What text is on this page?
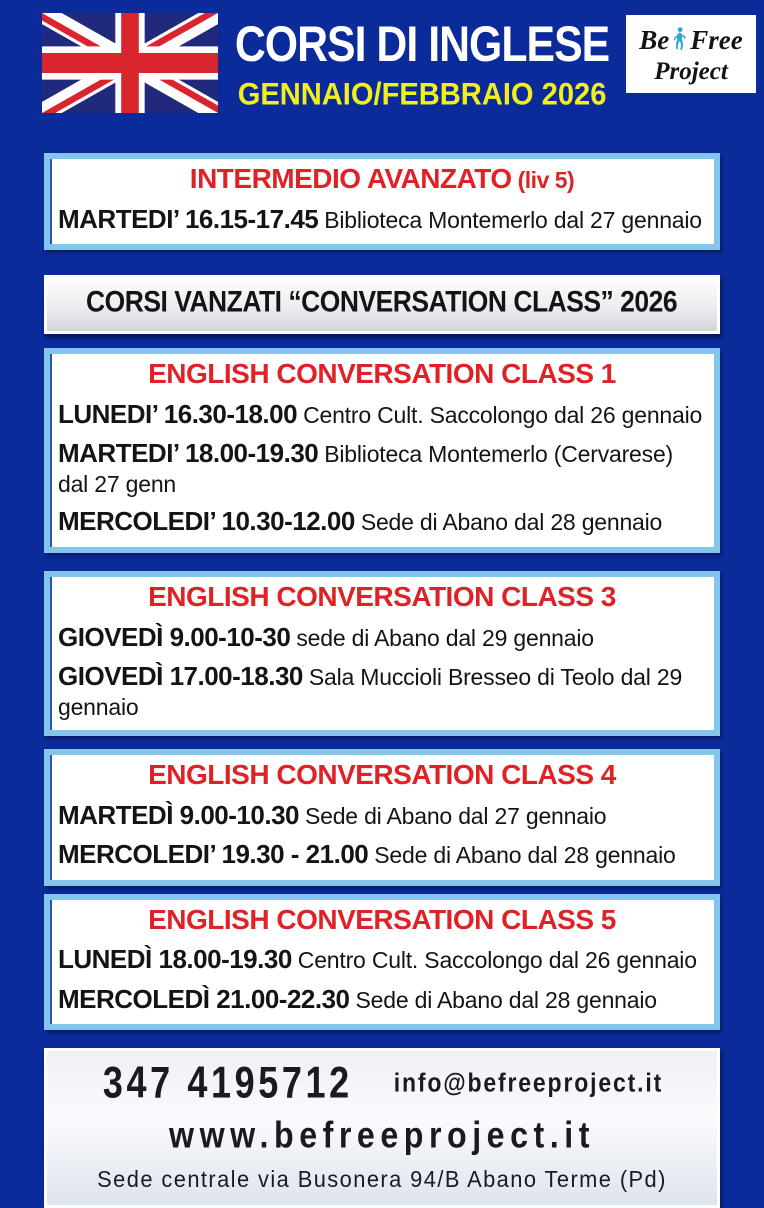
CORSI DI INGLESE
GENNAIO/FEBBRAIO 2026
Be Free
Project
INTERMEDIO AVANZATO (liv 5)
MARTEDI’ 16.15-17.45 Biblioteca Montemerlo dal 27 gennaio
CORSI VANZATI “CONVERSATION CLASS” 2026
ENGLISH CONVERSATION CLASS 1
LUNEDI’ 16.30-18.00 Centro Cult. Saccolongo dal 26 gennaio
MARTEDI’ 18.00-19.30 Biblioteca Montemerlo (Cervarese) dal 27 genn
MERCOLEDI’ 10.30-12.00 Sede di Abano dal 28 gennaio
ENGLISH CONVERSATION CLASS 3
GIOVEDÌ 9.00-10-30 sede di Abano dal 29 gennaio
GIOVEDÌ 17.00-18.30 Sala Muccioli Bresseo di Teolo dal 29 gennaio
ENGLISH CONVERSATION CLASS 4
MARTEDÌ 9.00-10.30 Sede di Abano dal 27 gennaio
MERCOLEDI’ 19.30 - 21.00 Sede di Abano dal 28 gennaio
ENGLISH CONVERSATION CLASS 5
LUNEDÌ 18.00-19.30 Centro Cult. Saccolongo dal 26 gennaio
MERCOLEDÌ 21.00-22.30 Sede di Abano dal 28 gennaio
347 4195712 info@befreeproject.it
www.befreeproject.it
Sede centrale via Busonera 94/B Abano Terme (Pd)
